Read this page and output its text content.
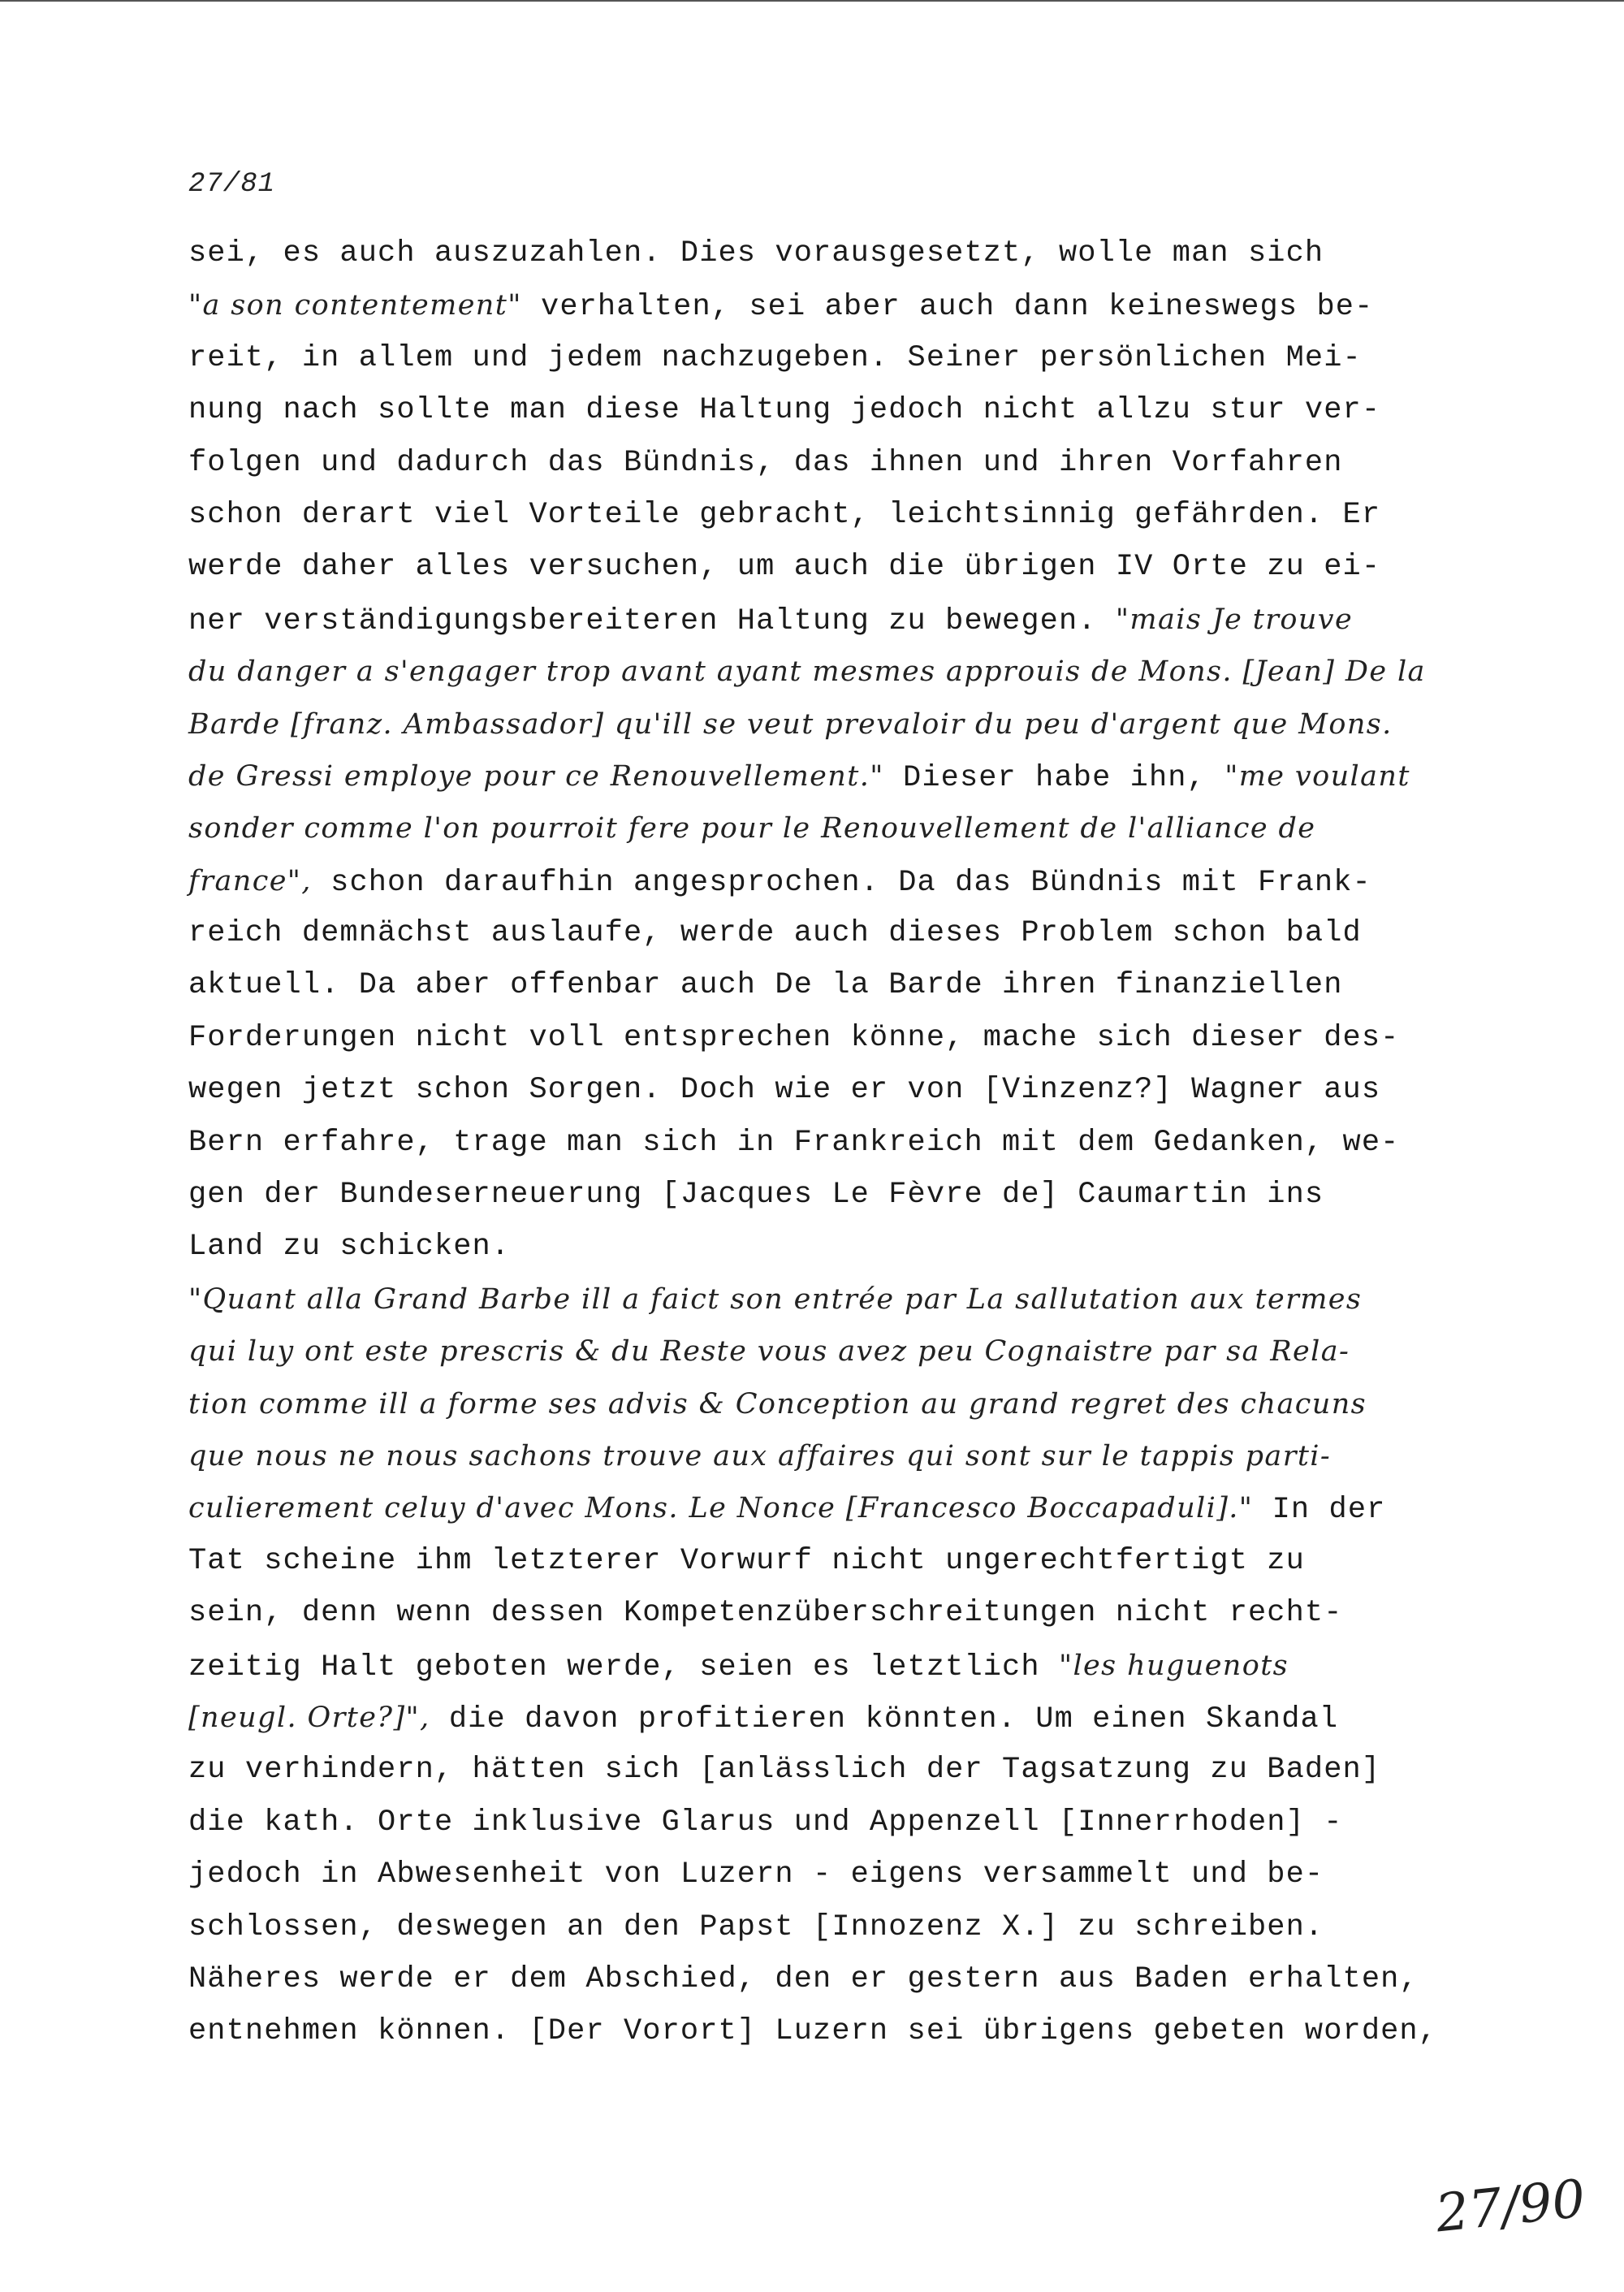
27/81
sei, es auch auszuzahlen. Dies vorausgesetzt, wolle man sich
"a son contentement" verhalten, sei aber auch dann keineswegs be-
reit, in allem und jedem nachzugeben. Seiner persönlichen Mei-
nung nach sollte man diese Haltung jedoch nicht allzu stur ver-
folgen und dadurch das Bündnis, das ihnen und ihren Vorfahren
schon derart viel Vorteile gebracht, leichtsinnig gefährden. Er
werde daher alles versuchen, um auch die übrigen IV Orte zu ei-
ner verständigungsbereiteren Haltung zu bewegen. "mais Je trouve
du danger a s'engager trop avant ayant mesmes approuis de Mons. [Jean] De la
Barde [franz. Ambassador] qu'ill se veut prevaloir du peu d'argent que Mons.
de Gressi employe pour ce Renouvellement." Dieser habe ihn, "me voulant
sonder comme l'on pourroit fere pour le Renouvellement de l'alliance de
france", schon daraufhin angesprochen. Da das Bündnis mit Frank-
reich demnächst auslaufe, werde auch dieses Problem schon bald
aktuell. Da aber offenbar auch De la Barde ihren finanziellen
Forderungen nicht voll entsprechen könne, mache sich dieser des-
wegen jetzt schon Sorgen. Doch wie er von [Vinzenz?] Wagner aus
Bern erfahre, trage man sich in Frankreich mit dem Gedanken, we-
gen der Bundeserneuerung [Jacques Le Fèvre de] Caumartin ins
Land zu schicken.
"Quant alla Grand Barbe ill a faict son entrée par La sallutation aux termes
qui luy ont este prescris & du Reste vous avez peu Cognaistre par sa Rela-
tion comme ill a forme ses advis & Conception au grand regret des chacuns
que nous ne nous sachons trouve aux affaires qui sont sur le tappis parti-
culierement celuy d'avec Mons. Le Nonce [Francesco Boccapaduli]." In der
Tat scheine ihm letzterer Vorwurf nicht ungerechtfertigt zu
sein, denn wenn dessen Kompetenzüberschreitungen nicht recht-
zeitig Halt geboten werde, seien es letztlich "les huguenots
[neugl. Orte?]", die davon profitieren könnten. Um einen Skandal
zu verhindern, hätten sich [anlässlich der Tagsatzung zu Baden]
die kath. Orte inklusive Glarus und Appenzell [Innerrhoden] -
jedoch in Abwesenheit von Luzern - eigens versammelt und be-
schlossen, deswegen an den Papst [Innozenz X.] zu schreiben.
Näheres werde er dem Abschied, den er gestern aus Baden erhalten,
entnehmen können. [Der Vorort] Luzern sei übrigens gebeten worden,
27/90
